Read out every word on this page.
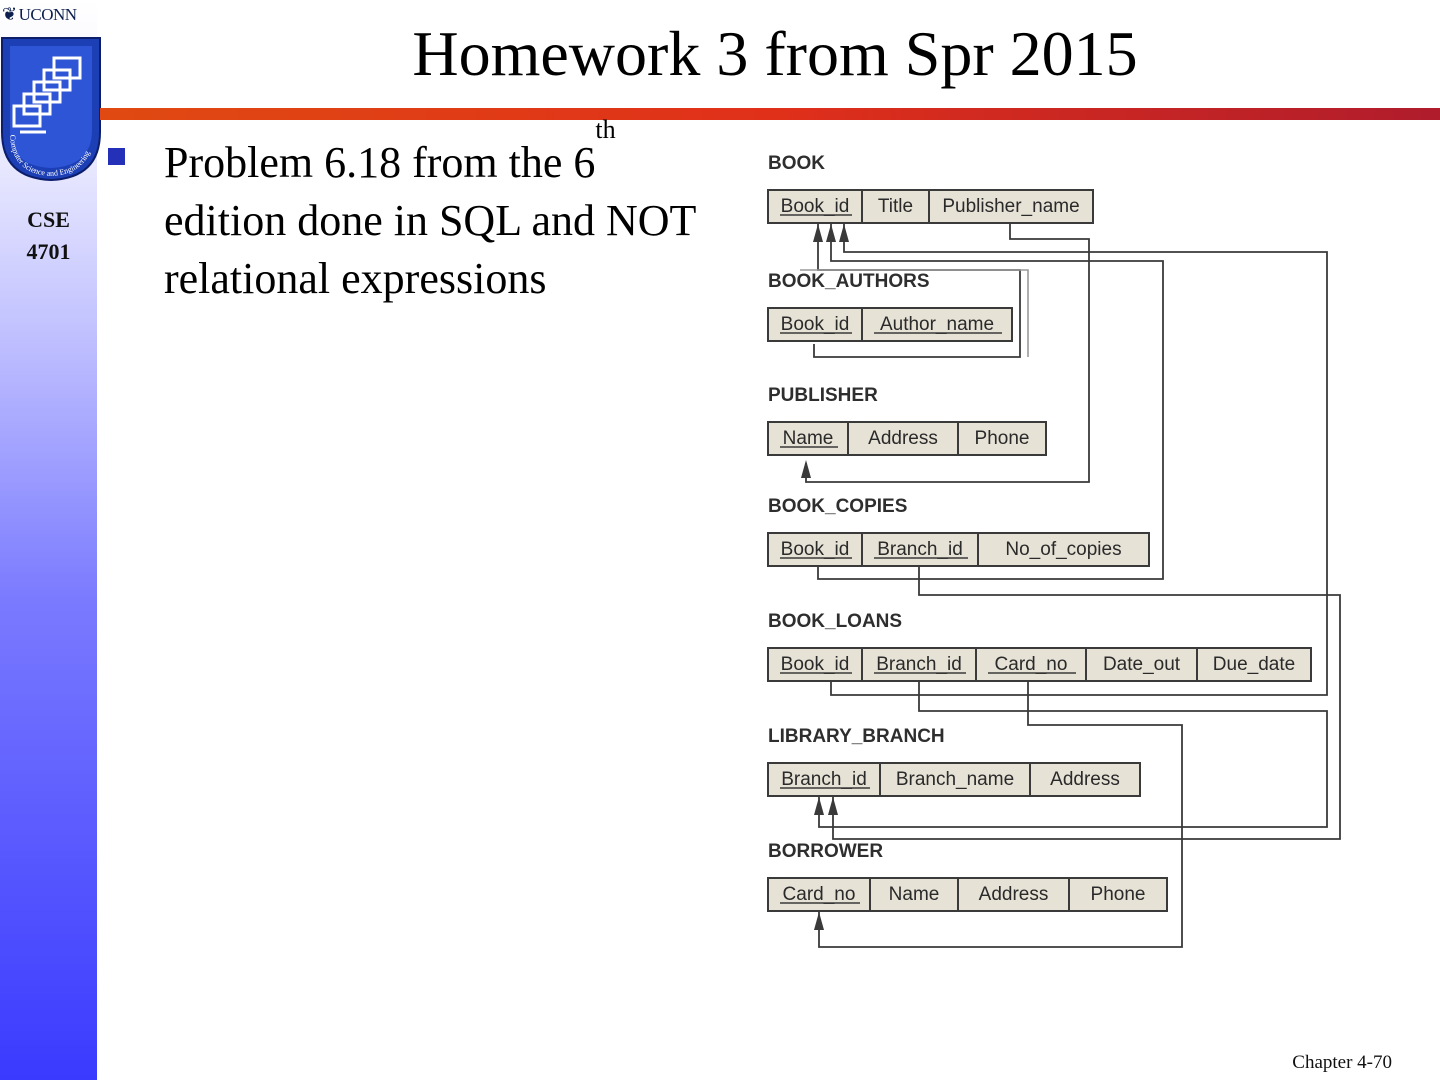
❦ UCONN
Computer Science and Engineering
CSE
4701
Homework 3 from Spr 2015
Problem 6.18 from the 6th edition done in SQL and NOT relational expressions
BOOK
Book_id Title Publisher_name
BOOK_AUTHORS
Book_id Author_name
PUBLISHER
Name Address Phone
BOOK_COPIES
Book_id Branch_id No_of_copies
BOOK_LOANS
Book_id Branch_id Card_no Date_out Due_date
LIBRARY_BRANCH
Branch_id Branch_name Address
BORROWER
Card_no Name Address Phone
Chapter 4-70
